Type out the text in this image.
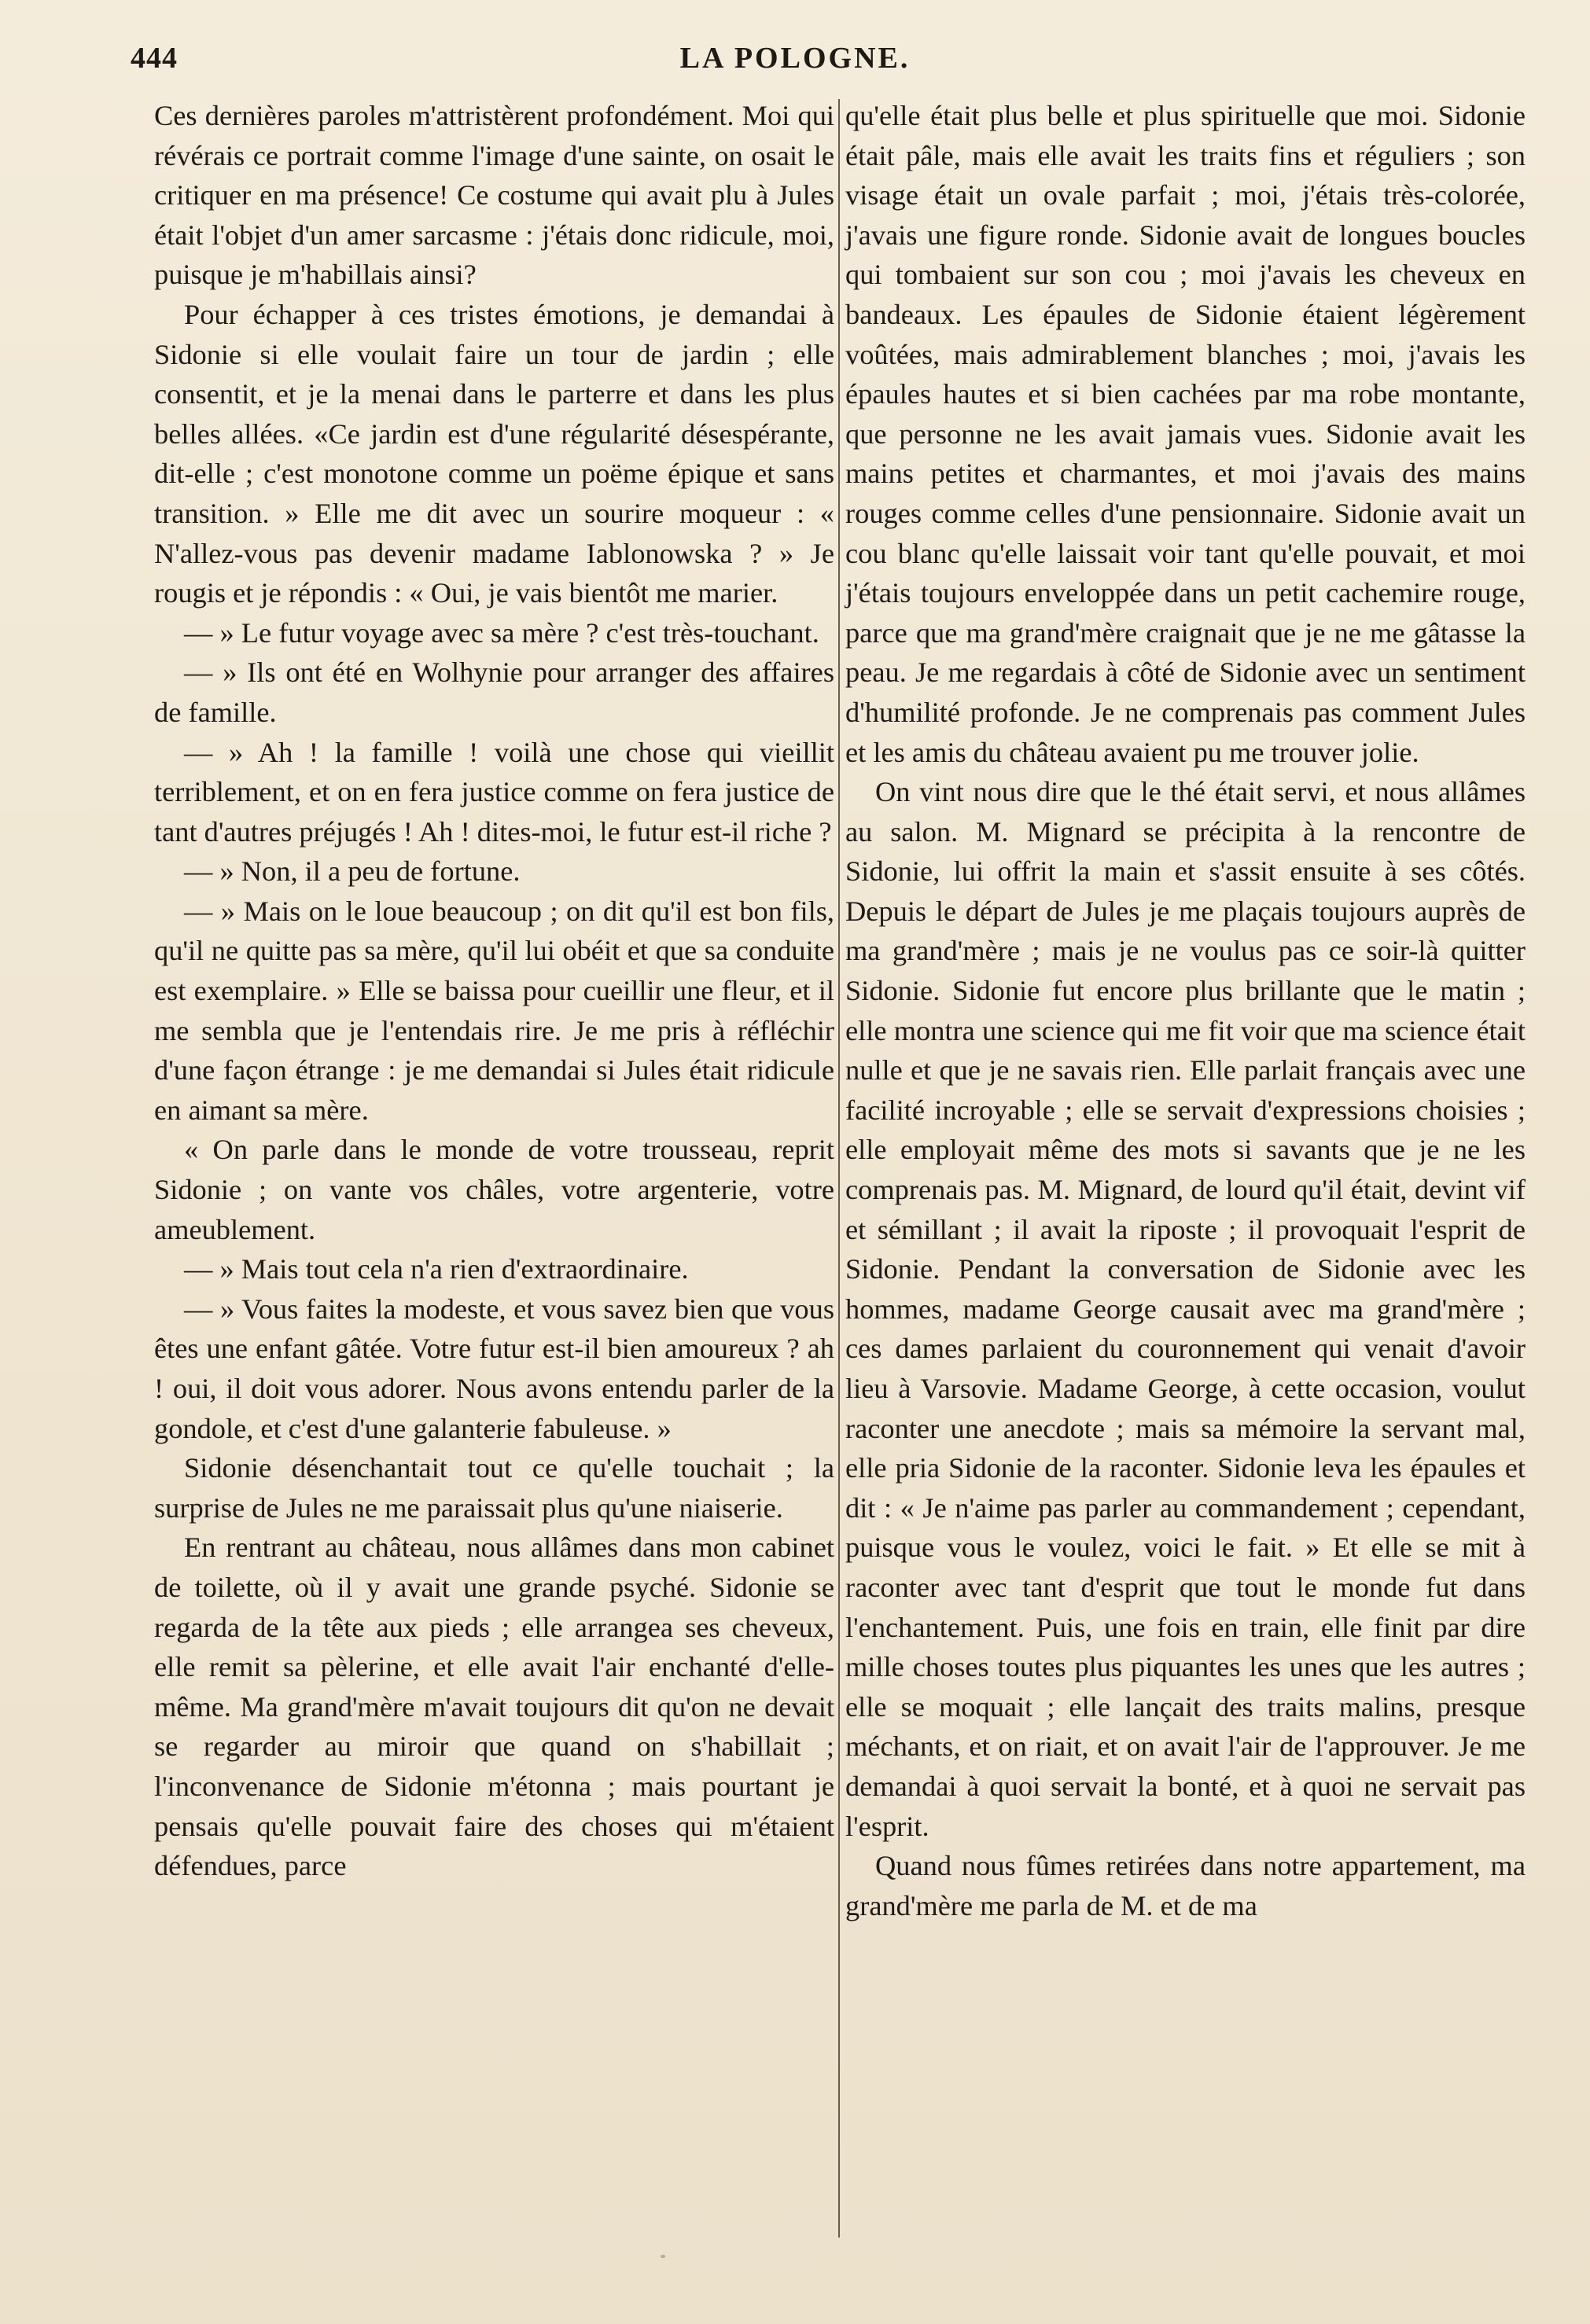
444	LA POLOGNE.

Ces dernières paroles m'attristèrent profondément. Moi qui révérais ce portrait comme l'image d'une sainte, on osait le critiquer en ma présence! Ce costume qui avait plu à Jules était l'objet d'un amer sarcasme : j'étais donc ridicule, moi, puisque je m'habillais ainsi?

Pour échapper à ces tristes émotions, je demandai à Sidonie si elle voulait faire un tour de jardin ; elle consentit, et je la menai dans le parterre et dans les plus belles allées. «Ce jardin est d'une régularité désespérante, dit-elle ; c'est monotone comme un poëme épique et sans transition. » Elle me dit avec un sourire moqueur : « N'allez-vous pas devenir madame Iablonowska ? » Je rougis et je répondis : « Oui, je vais bientôt me marier.

— » Le futur voyage avec sa mère ? c'est très-touchant.

— » Ils ont été en Wolhynie pour arranger des affaires de famille.

— » Ah ! la famille ! voilà une chose qui vieillit terriblement, et on en fera justice comme on fera justice de tant d'autres préjugés ! Ah ! dites-moi, le futur est-il riche ?

— » Non, il a peu de fortune.

— » Mais on le loue beaucoup ; on dit qu'il est bon fils, qu'il ne quitte pas sa mère, qu'il lui obéit et que sa conduite est exemplaire. » Elle se baissa pour cueillir une fleur, et il me sembla que je l'entendais rire. Je me pris à réfléchir d'une façon étrange : je me demandai si Jules était ridicule en aimant sa mère.

« On parle dans le monde de votre trousseau, reprit Sidonie ; on vante vos châles, votre argenterie, votre ameublement.

— » Mais tout cela n'a rien d'extraordinaire.

— » Vous faites la modeste, et vous savez bien que vous êtes une enfant gâtée. Votre futur est-il bien amoureux ? ah ! oui, il doit vous adorer. Nous avons entendu parler de la gondole, et c'est d'une galanterie fabuleuse. »

Sidonie désenchantait tout ce qu'elle touchait ; la surprise de Jules ne me paraissait plus qu'une niaiserie.

En rentrant au château, nous allâmes dans mon cabinet de toilette, où il y avait une grande psyché. Sidonie se regarda de la tête aux pieds ; elle arrangea ses cheveux, elle remit sa pèlerine, et elle avait l'air enchanté d'elle-même. Ma grand'mère m'avait toujours dit qu'on ne devait se regarder au miroir que quand on s'habillait ; l'inconvenance de Sidonie m'étonna ; mais pourtant je pensais qu'elle pouvait faire des choses qui m'étaient défendues, parce

qu'elle était plus belle et plus spirituelle que moi. Sidonie était pâle, mais elle avait les traits fins et réguliers ; son visage était un ovale parfait ; moi, j'étais très-colorée, j'avais une figure ronde. Sidonie avait de longues boucles qui tombaient sur son cou ; moi j'avais les cheveux en bandeaux. Les épaules de Sidonie étaient légèrement voûtées, mais admirablement blanches ; moi, j'avais les épaules hautes et si bien cachées par ma robe montante, que personne ne les avait jamais vues. Sidonie avait les mains petites et charmantes, et moi j'avais des mains rouges comme celles d'une pensionnaire. Sidonie avait un cou blanc qu'elle laissait voir tant qu'elle pouvait, et moi j'étais toujours enveloppée dans un petit cachemire rouge, parce que ma grand'mère craignait que je ne me gâtasse la peau. Je me regardais à côté de Sidonie avec un sentiment d'humilité profonde. Je ne comprenais pas comment Jules et les amis du château avaient pu me trouver jolie.

On vint nous dire que le thé était servi, et nous allâmes au salon. M. Mignard se précipita à la rencontre de Sidonie, lui offrit la main et s'assit ensuite à ses côtés. Depuis le départ de Jules je me plaçais toujours auprès de ma grand'mère ; mais je ne voulus pas ce soir-là quitter Sidonie. Sidonie fut encore plus brillante que le matin ; elle montra une science qui me fit voir que ma science était nulle et que je ne savais rien. Elle parlait français avec une facilité incroyable ; elle se servait d'expressions choisies ; elle employait même des mots si savants que je ne les comprenais pas. M. Mignard, de lourd qu'il était, devint vif et sémillant ; il avait la riposte ; il provoquait l'esprit de Sidonie. Pendant la conversation de Sidonie avec les hommes, madame George causait avec ma grand'mère ; ces dames parlaient du couronnement qui venait d'avoir lieu à Varsovie. Madame George, à cette occasion, voulut raconter une anecdote ; mais sa mémoire la servant mal, elle pria Sidonie de la raconter. Sidonie leva les épaules et dit : « Je n'aime pas parler au commandement ; cependant, puisque vous le voulez, voici le fait. » Et elle se mit à raconter avec tant d'esprit que tout le monde fut dans l'enchantement. Puis, une fois en train, elle finit par dire mille choses toutes plus piquantes les unes que les autres ; elle se moquait ; elle lançait des traits malins, presque méchants, et on riait, et on avait l'air de l'approuver. Je me demandai à quoi servait la bonté, et à quoi ne servait pas l'esprit.

Quand nous fûmes retirées dans notre appartement, ma grand'mère me parla de M. et de ma
